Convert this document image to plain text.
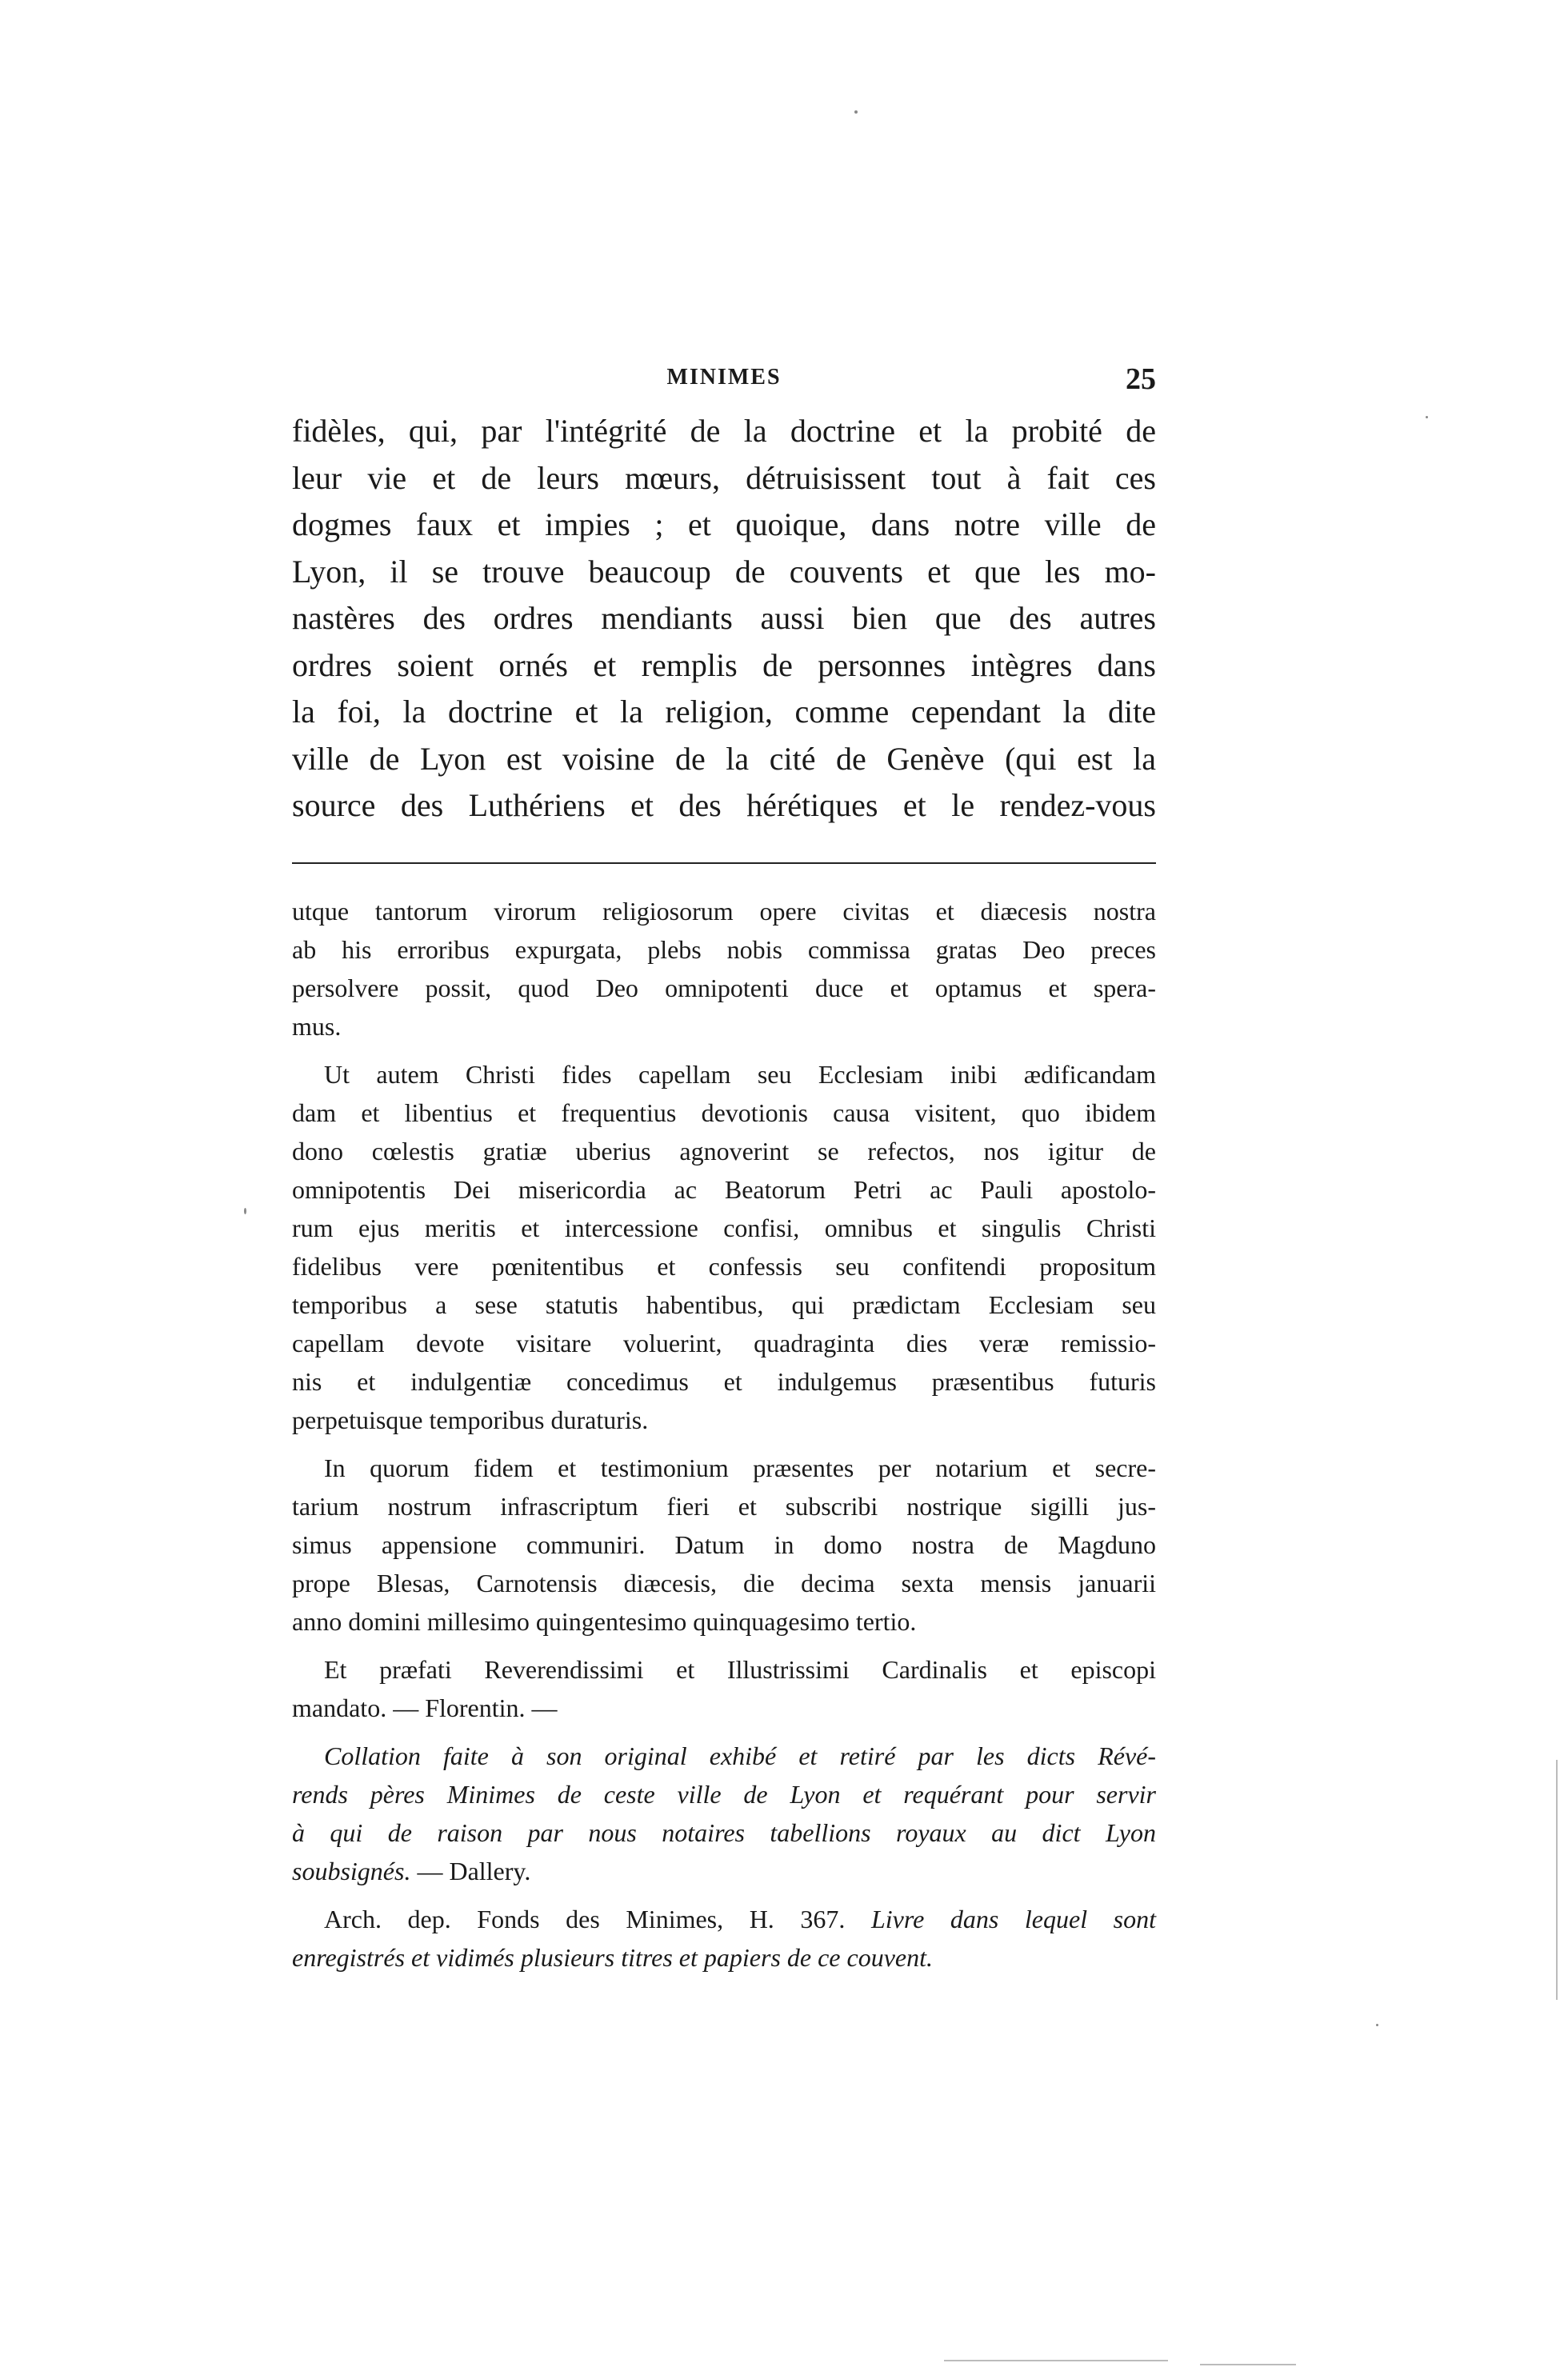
MINIMES	25
fidèles, qui, par l'intégrité de la doctrine et la probité de
leur vie et de leurs mœurs, détruisissent tout à fait ces
dogmes faux et impies ; et quoique, dans notre ville de
Lyon, il se trouve beaucoup de couvents et que les mo-
nastères des ordres mendiants aussi bien que des autres
ordres soient ornés et remplis de personnes intègres dans
la foi, la doctrine et la religion, comme cependant la dite
ville de Lyon est voisine de la cité de Genève (qui est la
source des Luthériens et des hérétiques et le rendez-vous
utque tantorum virorum religiosorum opere civitas et diæcesis nostra
ab his erroribus expurgata, plebs nobis commissa gratas Deo preces
persolvere possit, quod Deo omnipotenti duce et optamus et spera-
mus.
Ut autem Christi fides capellam seu Ecclesiam inibi ædificandam
dam et libentius et frequentius devotionis causa visitent, quo ibidem
dono cœlestis gratiæ uberius agnoverint se refectos, nos igitur de
omnipotentis Dei misericordia ac Beatorum Petri ac Pauli apostolo-
rum ejus meritis et intercessione confisi, omnibus et singulis Christi
fidelibus vere pœnitentibus et confessis seu confitendi propositum
temporibus a sese statutis habentibus, qui prædictam Ecclesiam seu
capellam devote visitare voluerint, quadraginta dies veræ remissio-
nis et indulgentiæ concedimus et indulgemus præsentibus futuris
perpetuisque temporibus duraturis.
In quorum fidem et testimonium præsentes per notarium et secre-
tarium nostrum infrascriptum fieri et subscribi nostrique sigilli jus-
simus appensione communiri. Datum in domo nostra de Magduno
prope Blesas, Carnotensis diæcesis, die decima sexta mensis januarii
anno domini millesimo quingentesimo quinquagesimo tertio.
Et præfati Reverendissimi et Illustrissimi Cardinalis et episcopi
mandato. — Florentin. —
Collation faite à son original exhibé et retiré par les dicts Révé-
rends pères Minimes de ceste ville de Lyon et requérant pour servir
à qui de raison par nous notaires tabellions royaux au dict Lyon
soubsignés. — Dallery.
Arch. dep. Fonds des Minimes, H. 367. Livre dans lequel sont
enregistrés et vidimés plusieurs titres et papiers de ce couvent.
